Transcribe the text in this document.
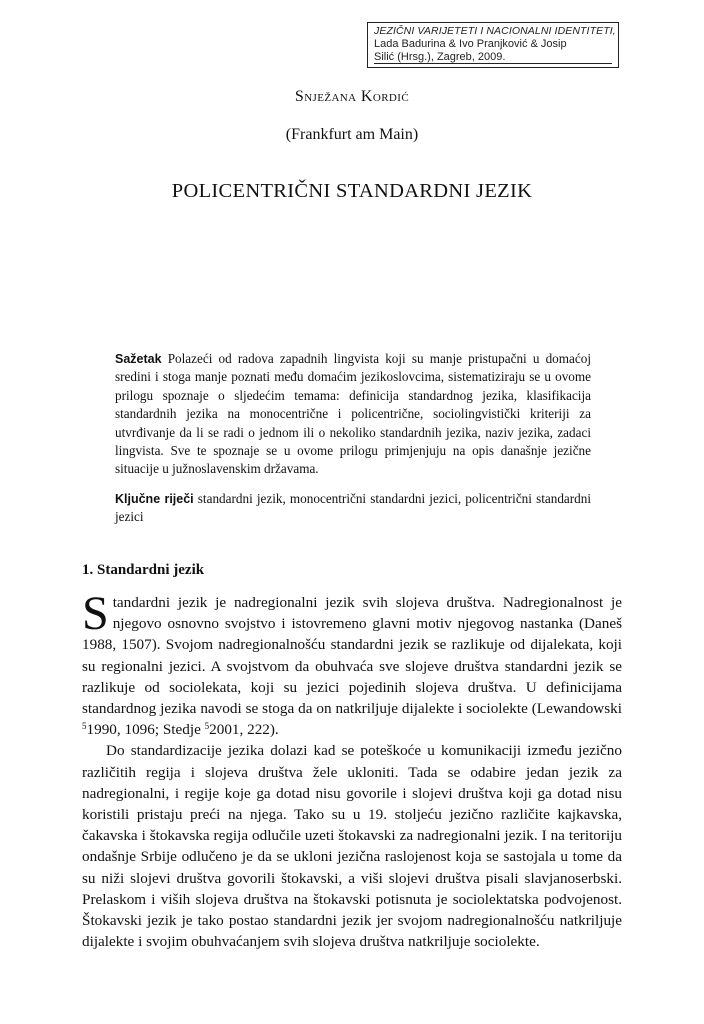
JEZIČNI VARIJETETI I NACIONALNI IDENTITETI,
Lada Badurina & Ivo Pranjković & Josip
Silić (Hrsg.), Zagreb, 2009.
Snježana Kordić
(Frankfurt am Main)
POLICENTRIČNI STANDARDNI JEZIK
Sažetak Polazeći od radova zapadnih lingvista koji su manje pristupačni u domaćoj sredini i stoga manje poznati među domaćim jezikoslovcima, sistematiziraju se u ovome prilogu spoznaje o sljedećim temama: definicija standardnog jezika, klasifikacija standardnih jezika na monocentrične i policentrične, sociolingvistički kriteriji za utvrđivanje da li se radi o jednom ili o nekoliko standardnih jezika, naziv jezika, zadaci lingvista. Sve te spoznaje se u ovome prilogu primjenjuju na opis današnje jezične situacije u južnoslavenskim državama.
Ključne riječi standardni jezik, monocentrični standardni jezici, policentrični standardni jezici
1. Standardni jezik

Standardni jezik je nadregionalni jezik svih slojeva društva. Nadregionalnost je njegovo osnovno svojstvo i istovremeno glavni motiv njegovog nastanka (Daneš 1988, 1507). Svojom nadregionalnošću standardni jezik se razlikuje od dijalekata, koji su regionalni jezici. A svojstvom da obuhvaća sve slojeve društva standardni jezik se razlikuje od sociolekata, koji su jezici pojedinih slojeva društva. U definicijama standardnog jezika navodi se stoga da on natkriljuje dijalekte i sociolekte (Lewandowski $^5$1990, 1096; Stedje $^5$2001, 222).

Do standardizacije jezika dolazi kad se poteškoće u komunikaciji između jezično različitih regija i slojeva društva žele ukloniti. Tada se odabire jedan jezik za nadregionalni, i regije koje ga dotad nisu govorile i slojevi društva koji ga dotad nisu koristili pristaju preći na njega. Tako su u 19. stoljeću jezično različite kajkavska, čakavska i štokavska regija odlučile uzeti štokavski za nadregionalni jezik. I na teritoriju ondašnje Srbije odlučeno je da se ukloni jezična raslojenost koja se sastojala u tome da su niži slojevi društva govorili štokavski, a viši slojevi društva pisali slavjanoserbski. Prelaskom i viših slojeva društva na štokavski potisnuta je sociolektatska podvojenost. Štokavski jezik je tako postao standardni jezik jer svojom nadregionalnošću natkriljuje dijalekte i svojim obuhvaćanjem svih slojeva društva natkriljuje sociolekte.
